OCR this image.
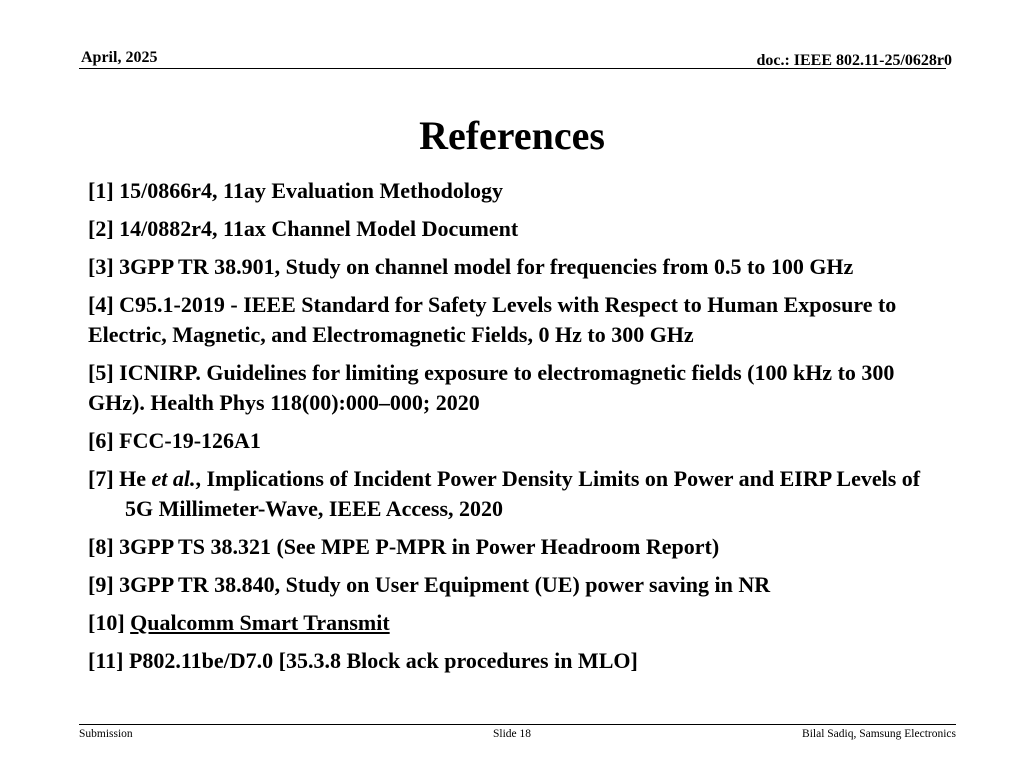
April, 2025	doc.: IEEE 802.11-25/0628r0
References
[1] 15/0866r4, 11ay Evaluation Methodology
[2] 14/0882r4, 11ax Channel Model Document
[3] 3GPP TR 38.901, Study on channel model for frequencies from 0.5 to 100 GHz
[4] C95.1-2019 - IEEE Standard for Safety Levels with Respect to Human Exposure to Electric, Magnetic, and Electromagnetic Fields, 0 Hz to 300 GHz
[5] ICNIRP. Guidelines for limiting exposure to electromagnetic fields (100 kHz to 300 GHz). Health Phys 118(00):000–000; 2020
[6] FCC-19-126A1
[7] He et al., Implications of Incident Power Density Limits on Power and EIRP Levels of 5G Millimeter-Wave, IEEE Access, 2020
[8] 3GPP TS 38.321 (See MPE P-MPR in Power Headroom Report)
[9] 3GPP TR 38.840, Study on User Equipment (UE) power saving in NR
[10] Qualcomm Smart Transmit
[11] P802.11be/D7.0 [35.3.8 Block ack procedures in MLO]
Submission	Slide 18	Bilal Sadiq, Samsung Electronics
